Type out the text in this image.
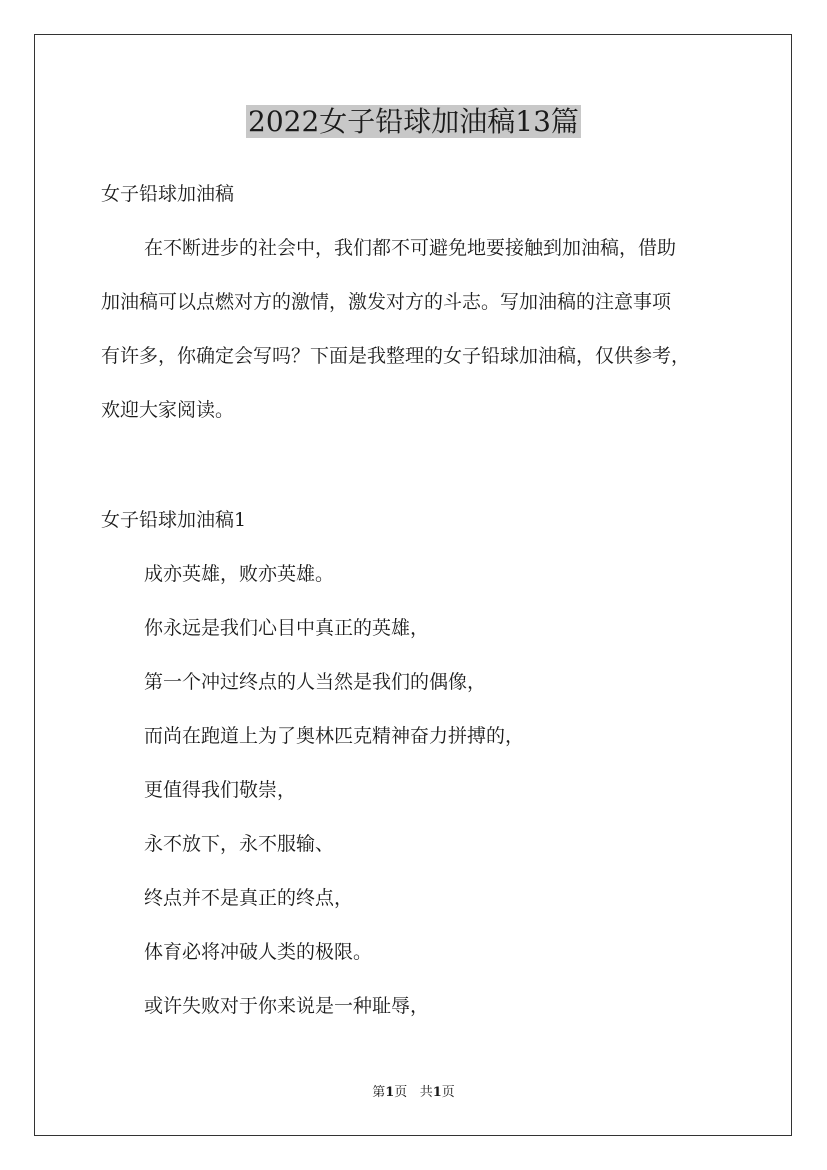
2022女子铅球加油稿13篇
女子铅球加油稿
在不断进步的社会中，我们都不可避免地要接触到加油稿，借助
加油稿可以点燃对方的激情，激发对方的斗志。写加油稿的注意事项
有许多，你确定会写吗？下面是我整理的女子铅球加油稿，仅供参考，
欢迎大家阅读。
女子铅球加油稿1
成亦英雄，败亦英雄。
你永远是我们心目中真正的英雄，
第一个冲过终点的人当然是我们的偶像，
而尚在跑道上为了奥林匹克精神奋力拼搏的，
更值得我们敬崇，
永不放下，永不服输、
终点并不是真正的终点，
体育必将冲破人类的极限。
或许失败对于你来说是一种耻辱，
第1页   共1页
